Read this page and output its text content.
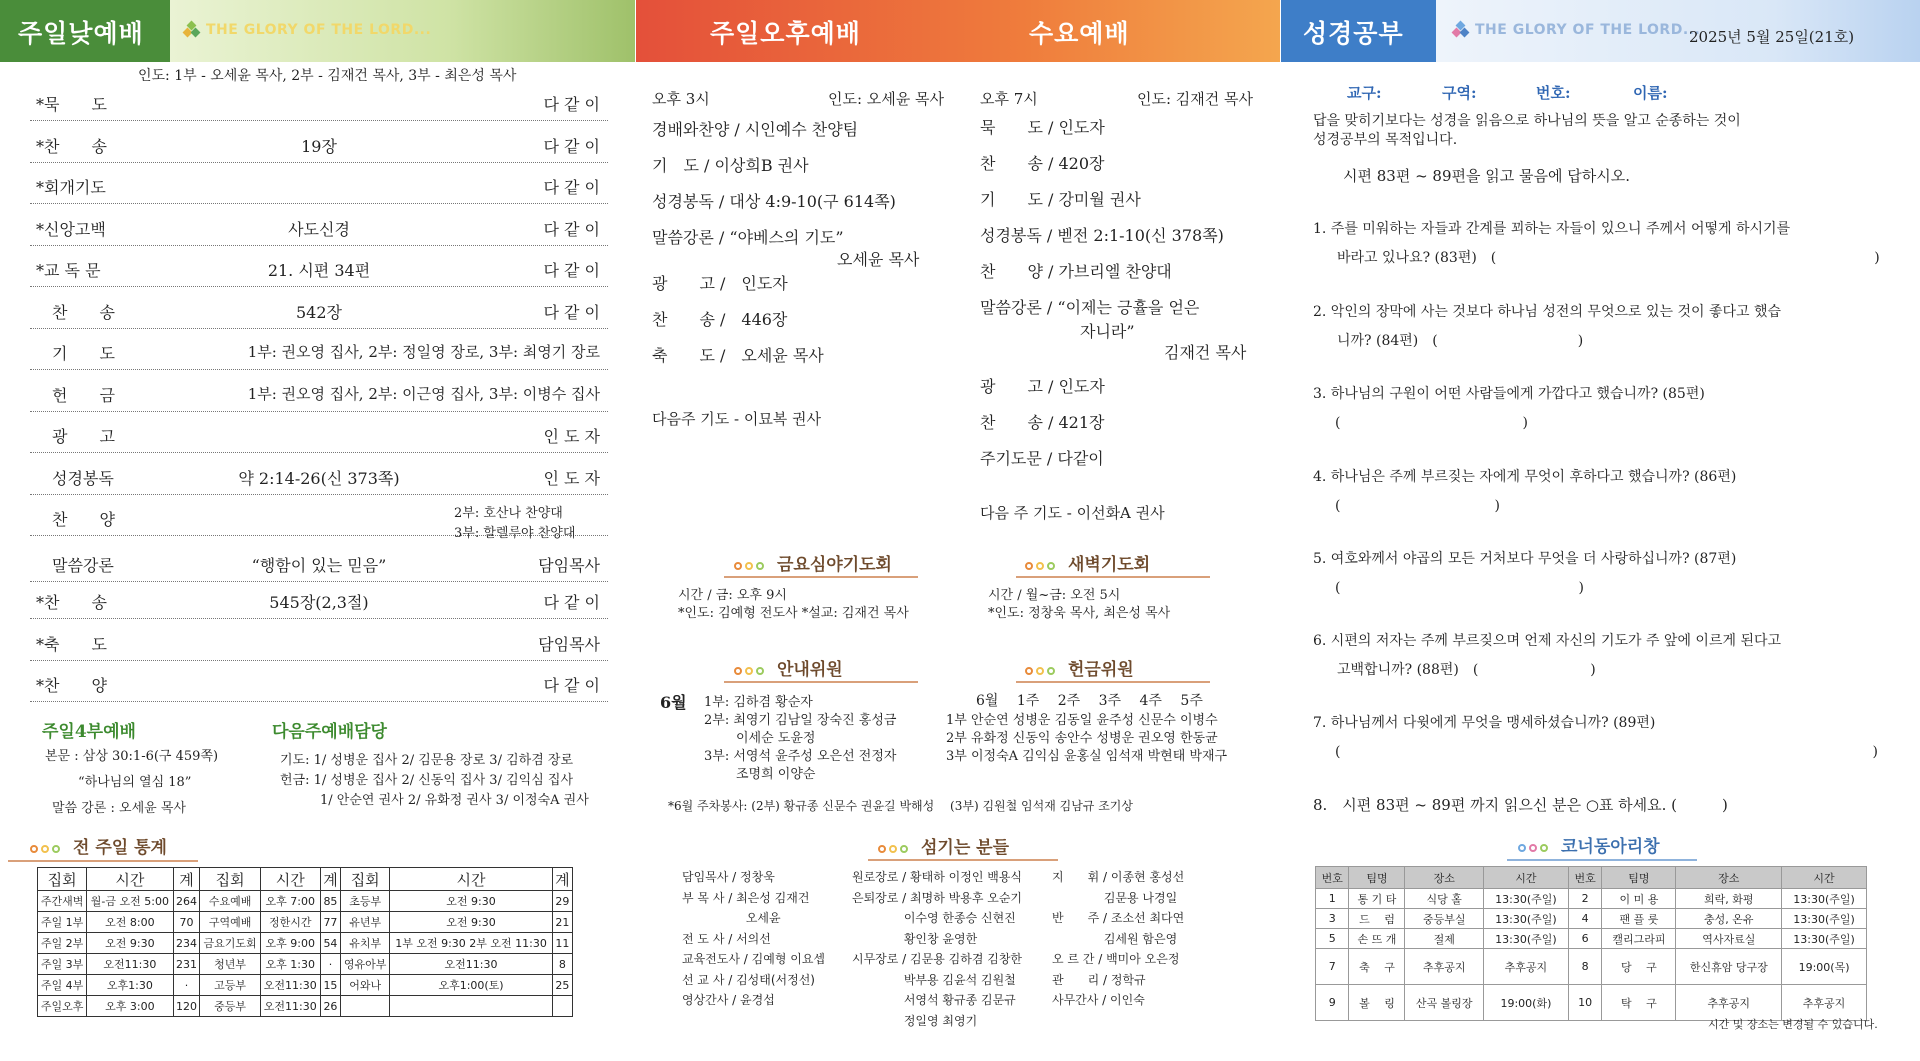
주일낮예배	THE GLORY OF THE LORD...	주일오후예배	수요예배	성경공부	THE GLORY OF THE LORD...
2025년 5월 25일(21호)
인도: 1부 - 오세윤 목사, 2부 - 김재건 목사, 3부 - 최은성 목사
*묵　　도	다 같 이
*찬　　송	19장	다 같 이
*회개기도	다 같 이
*신앙고백	사도신경	다 같 이
*교 독 문	21. 시편 34편	다 같 이
　찬　　송	542장	다 같 이
　기　　도	1부: 권오영 집사, 2부: 정일영 장로, 3부: 최영기 장로
　헌　　금	1부: 권오영 집사, 2부: 이근영 집사, 3부: 이병수 집사
　광　　고	인 도 자
　성경봉독	약 2:14-26(신 373쪽)	인 도 자
　찬　　양
　말씀강론	“행함이 있는 믿음”	담임목사
*찬　　송	545장(2,3절)	다 같 이
*축　　도	담임목사
*찬　　양	다 같 이
2부: 호산나 찬양대
3부: 할렐루야 찬양대
주일4부예배
본문 : 삼상 30:1-6(구 459쪽)
“하나님의 열심 18”
말씀 강론 : 오세윤 목사
다음주예배담당
기도: 1/ 성병운 집사 2/ 김문용 장로 3/ 김하겸 장로
헌금: 1/ 성병운 집사 2/ 신동익 집사 3/ 김익심 집사
1/ 안순연 권사 2/ 유화정 권사 3/ 이정숙A 권사
전 주일 통계
집회	시간	계	집회	시간	계	집회	시간	계
주간새벽	월-금 오전 5:00	264	수요예배	오후 7:00	85	초등부	오전 9:30	29
주일 1부	오전 8:00	70	구역예배	정한시간	77	유년부	오전 9:30	21
주일 2부	오전 9:30	234	금요기도회	오후 9:00	54	유치부	1부 오전 9:30 2부 오전 11:30	11
주일 3부	오전11:30	231	청년부	오후 1:30	·	영유아부	오전11:30	8
주일 4부	오후1:30	·	고등부	오전11:30	15	어와나	오후1:00(토)	25
주일오후	오후 3:00	120	중등부	오전11:30	26			
오후 3시	인도: 오세윤 목사
경배와찬양 / 시인예수 찬양팀
기　도 / 이상희B 권사
성경봉독 / 대상 4:9-10(구 614쪽)
말씀강론 / “야베스의 기도”
오세윤 목사
광　　고 /　인도자
찬　　송 /　446장
축　　도 /　오세윤 목사
다음주 기도 - 이묘복 권사
오후 7시	인도: 김재건 목사
묵　　도 / 인도자
찬　　송 / 420장
기　　도 / 강미월 권사
성경봉독 / 벧전 2:1-10(신 378쪽)
찬　　양 / 가브리엘 찬양대
말씀강론 / “이제는 긍휼을 얻은
자니라”
김재건 목사
광　　고 / 인도자
찬　　송 / 421장
주기도문 / 다같이
다음 주 기도 - 이선화A 권사
금요심야기도회
시간 / 금: 오후 9시
*인도: 김예형 전도사 *설교: 김재건 목사
새벽기도회
시간 / 월~금: 오전 5시
*인도: 정창욱 목사, 최은성 목사
안내위원
6월 1부: 김하겸 황순자
2부: 최영기 김남일 장숙진 홍성금
이세순 도윤정
3부: 서영석 윤주성 오은선 전정자
조명희 이양순
헌금위원
6월　 1주　 2주　 3주　 4주　 5주
1부 안순연 성병운 김동일 윤주성 신문수 이병수
2부 유화정 신동익 송안수 성병운 권오영 한동균
3부 이정숙A 김익심 윤홍실 임석재 박현태 박재구
*6월 주차봉사: (2부) 황규종 신문수 권윤길 박해성　 (3부) 김원철 임석재 김남규 조기상
섬기는 분들
담임목사 / 정창욱
부 목 사 / 최은성 김재건
　　　　　 오세윤
전 도 사 / 서의선
교육전도사 / 김예형 이요셉
선 교 사 / 김성태(서정선)
영상간사 / 윤경섭
원로장로 / 황태하 이정인 백용식
은퇴장로 / 최명하 박용후 오순기
　　　　 이수영 한종승 신현진
　　　　 황인창 윤영한
시무장로 / 김문용 김하겸 김창한
　　　　 박부용 김윤석 김원철
　　　　 서영석 황규종 김문규
　　　　 정일영 최영기
지　　휘 / 이종현 홍성선
　　　　 김문용 나경일
반　　주 / 조소선 최다연
　　　　 김세원 함은영
오 르 간 / 백미아 오은정
관　　리 / 정학규
사무간사 / 이인숙
교구:	구역:	번호:	이름:
답을 맞히기보다는 성경을 읽음으로 하나님의 뜻을 알고 순종하는 것이
성경공부의 목적입니다.
시편 83편 ~ 89편을 읽고 물음에 답하시오.
1. 주를 미워하는 자들과 간계를 꾀하는 자들이 있으니 주께서 어떻게 하시기를
바라고 있나요? (83편)　(　　　　　　　　　　　　　　　　　　　　　　　　　　　)
2. 악인의 장막에 사는 것보다 하나님 성전의 무엇으로 있는 것이 좋다고 했습
니까? (84편)　(　　　　　　　　　　)
3. 하나님의 구원이 어떤 사람들에게 가깝다고 했습니까? (85편)
(　　　　　　　　　　　　　)
4. 하나님은 주께 부르짖는 자에게 무엇이 후하다고 했습니까? (86편)
(　　　　　　　　　　　)
5. 여호와께서 야곱의 모든 거처보다 무엇을 더 사랑하십니까? (87편)
(　　　　　　　　　　　　　　　　　)
6. 시편의 저자는 주께 부르짖으며 언제 자신의 기도가 주 앞에 이르게 된다고
고백합니까? (88편)　(　　　　　　　　)
7. 하나님께서 다윗에게 무엇을 맹세하셨습니까? (89편)
(　　　　　　　　　　　　　　　　　　　　　　　　　　　　　　　　　　　　　　)
8.　시편 83편 ~ 89편 까지 읽으신 분은 ○표 하세요. (　　　)
코너동아리창
번호	팀명	장소	시간	번호	팀명	장소	시간
1	통 기 타	식당 홀	13:30(주일)	2	이 미 용	희락, 화평	13:30(주일)
3	드　 럼	중등부실	13:30(주일)	4	팬 플 룻	충성, 온유	13:30(주일)
5	손 뜨 개	절제	13:30(주일)	6	캘리그라피	역사자료실	13:30(주일)
7	축　 구	추후공지	추후공지	8	당　 구	한신휴암 당구장	19:00(목)
9	볼　 링	산곡 볼링장	19:00(화)	10	탁　 구	추후공지	추후공지
시간 및 장소는 변경될 수 있습니다.
